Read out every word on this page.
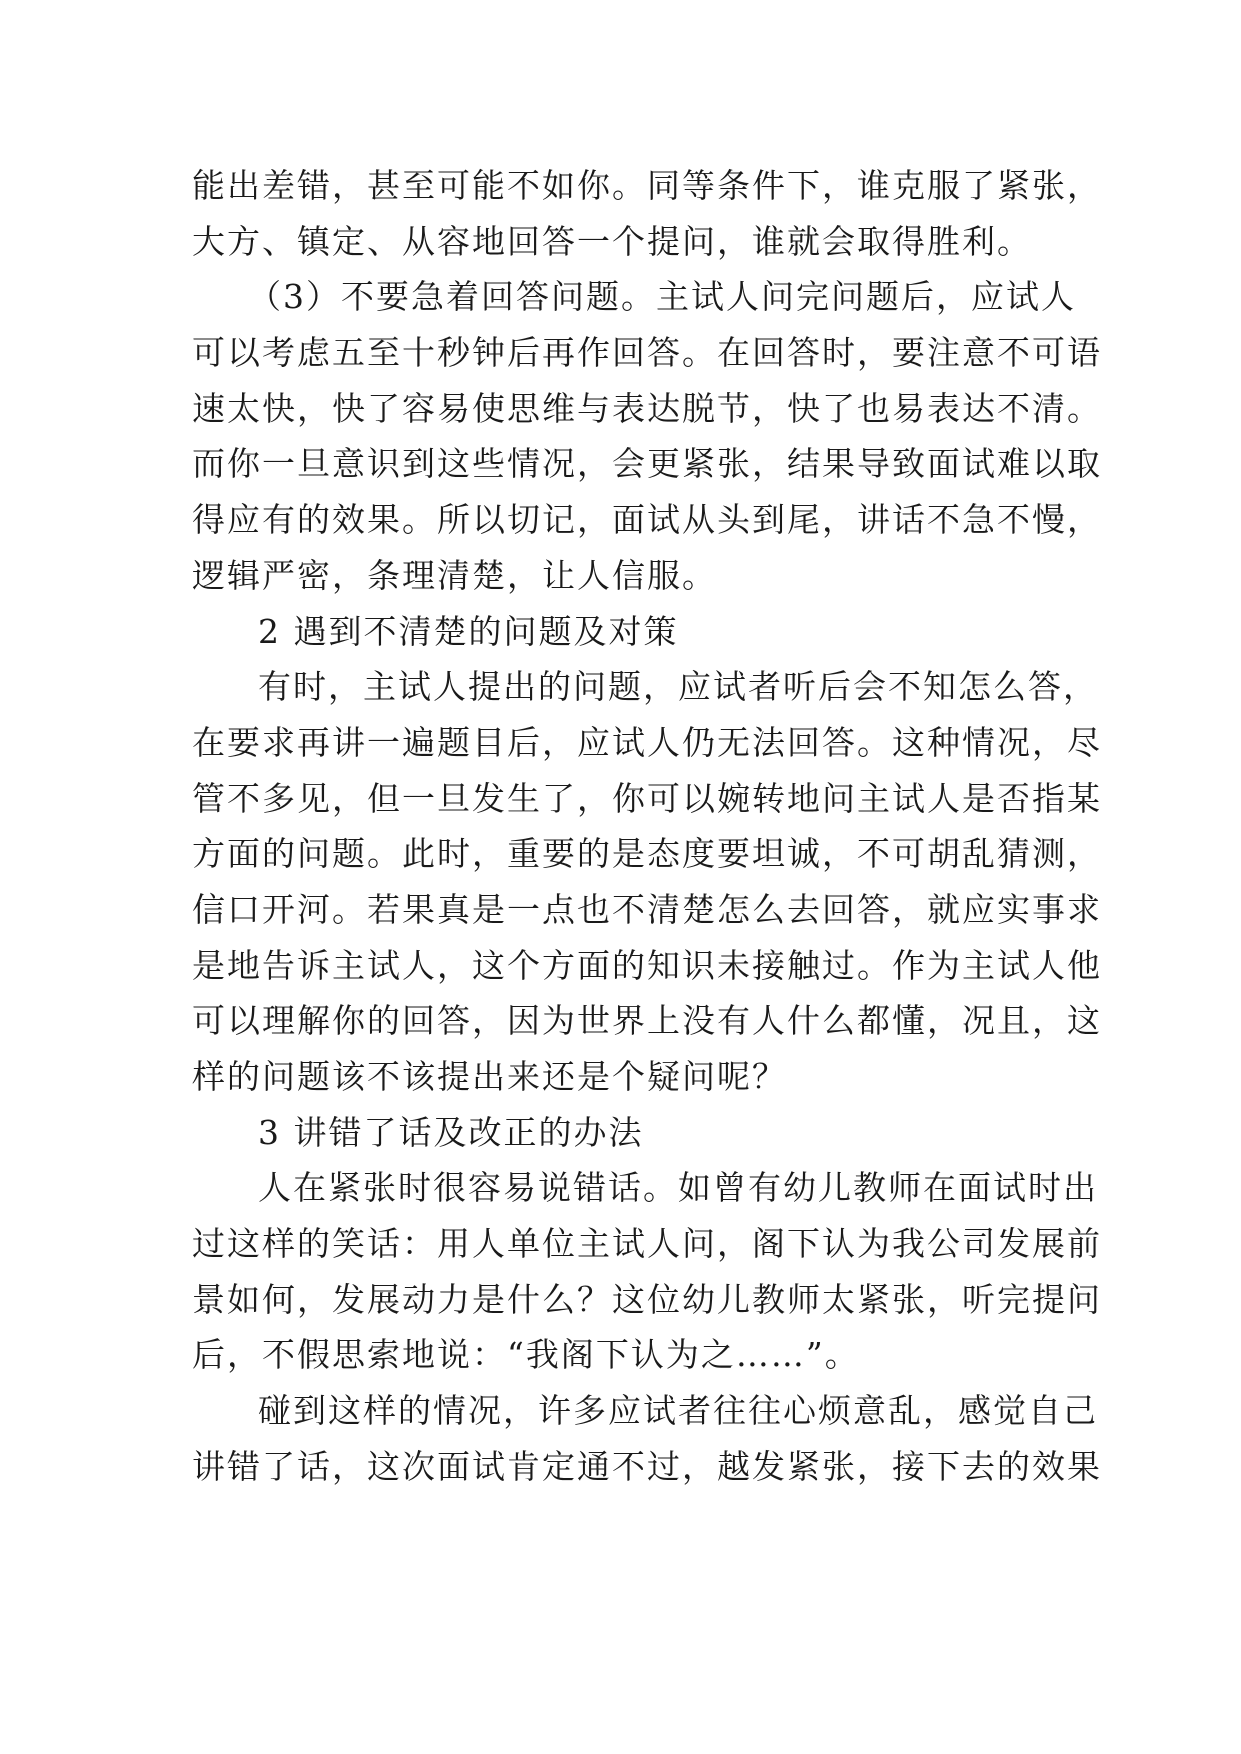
能出差错，甚至可能不如你。同等条件下，谁克服了紧张，
大方、镇定、从容地回答一个提问，谁就会取得胜利。
（3）不要急着回答问题。主试人问完问题后，应试人
可以考虑五至十秒钟后再作回答。在回答时，要注意不可语
速太快，快了容易使思维与表达脱节，快了也易表达不清。
而你一旦意识到这些情况，会更紧张，结果导致面试难以取
得应有的效果。所以切记，面试从头到尾，讲话不急不慢，
逻辑严密，条理清楚，让人信服。
2 遇到不清楚的问题及对策
有时，主试人提出的问题，应试者听后会不知怎么答，
在要求再讲一遍题目后，应试人仍无法回答。这种情况，尽
管不多见，但一旦发生了，你可以婉转地问主试人是否指某
方面的问题。此时，重要的是态度要坦诚，不可胡乱猜测，
信口开河。若果真是一点也不清楚怎么去回答，就应实事求
是地告诉主试人，这个方面的知识未接触过。作为主试人他
可以理解你的回答，因为世界上没有人什么都懂，况且，这
样的问题该不该提出来还是个疑问呢？
3 讲错了话及改正的办法
人在紧张时很容易说错话。如曾有幼儿教师在面试时出
过这样的笑话：用人单位主试人问，阁下认为我公司发展前
景如何，发展动力是什么？这位幼儿教师太紧张，听完提问
后，不假思索地说：“我阁下认为之……”。
碰到这样的情况，许多应试者往往心烦意乱，感觉自己
讲错了话，这次面试肯定通不过，越发紧张，接下去的效果
